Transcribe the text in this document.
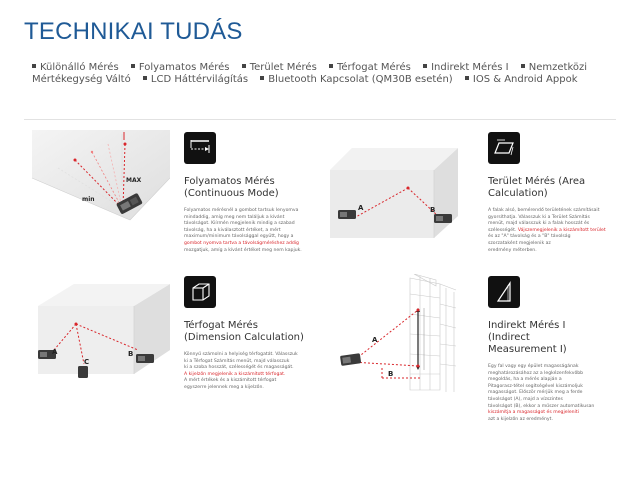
TECHNIKAI TUDÁS
Különálló Mérés Folyamatos Mérés Terület Mérés Térfogat Mérés Indirekt Mérés I Nemzetközi Mértékegység Váltó LCD Háttérvilágítás Bluetooth Kapcsolat (QM30B esetén) IOS & Android Appok
MAX
min
Folyamatos Mérés
(Continuous Mode)
Folyamatos mérésnél a gombot tartsuk lenyomva
mindaddig, amíg meg nem találjuk a kívánt
távolságot. Kiírmén megjelenik mindig a szabad
távolság, ha a kiválasztott értéket, a mért
maximum/minimum távolsággal együtt, hogy a
gombot nyomva tartva a távolságméréshez addig
mozgatjuk, amíg a kívánt értéket meg nem kapjuk.
A	B
Terület Mérés (Area
Calculation)
A falak alsó, bemérendő területének számításait
gyorsíthatja. Válasszuk ki a Terület Számítás
menüt, majd válasszuk ki a falak hosszát és
szélességét. Vájszemegjelenik a kiszámított terület
és az "A" távolság és a "B" távolság
szorzataként megjelenik az
eredmény méterben.
A	B
C
Térfogat Mérés
(Dimension Calculation)
Könnyű számolni a helyiség térfogatát. Válasszuk
ki a Térfogat Számítás menüt, majd válasszuk
ki a szoba hosszát, szélességét és magasságát.
A kijelzőn megjelenik a kiszámított térfogat.
A mért értékek és a kiszámított térfogat
egyszerre jelennek meg a kijelzőn.
A
B
Indirekt Mérés I (Indirect
Measurement I)
Egy fal vagy egy épület magasságának
meghatározásához az a legkézenfekvőbb
megoldás, ha a mérés alapján a
Pitagorasz-tétel segítségével kiszámoljuk
magasságot. Először mérjük meg a ferde
távolságot (A), majd a vízszintes
távolságot (B), ekkor a műszer automatikusan
kiszámítja a magasságot és megjeleníti
azt a kijelzőn az eredményt.
